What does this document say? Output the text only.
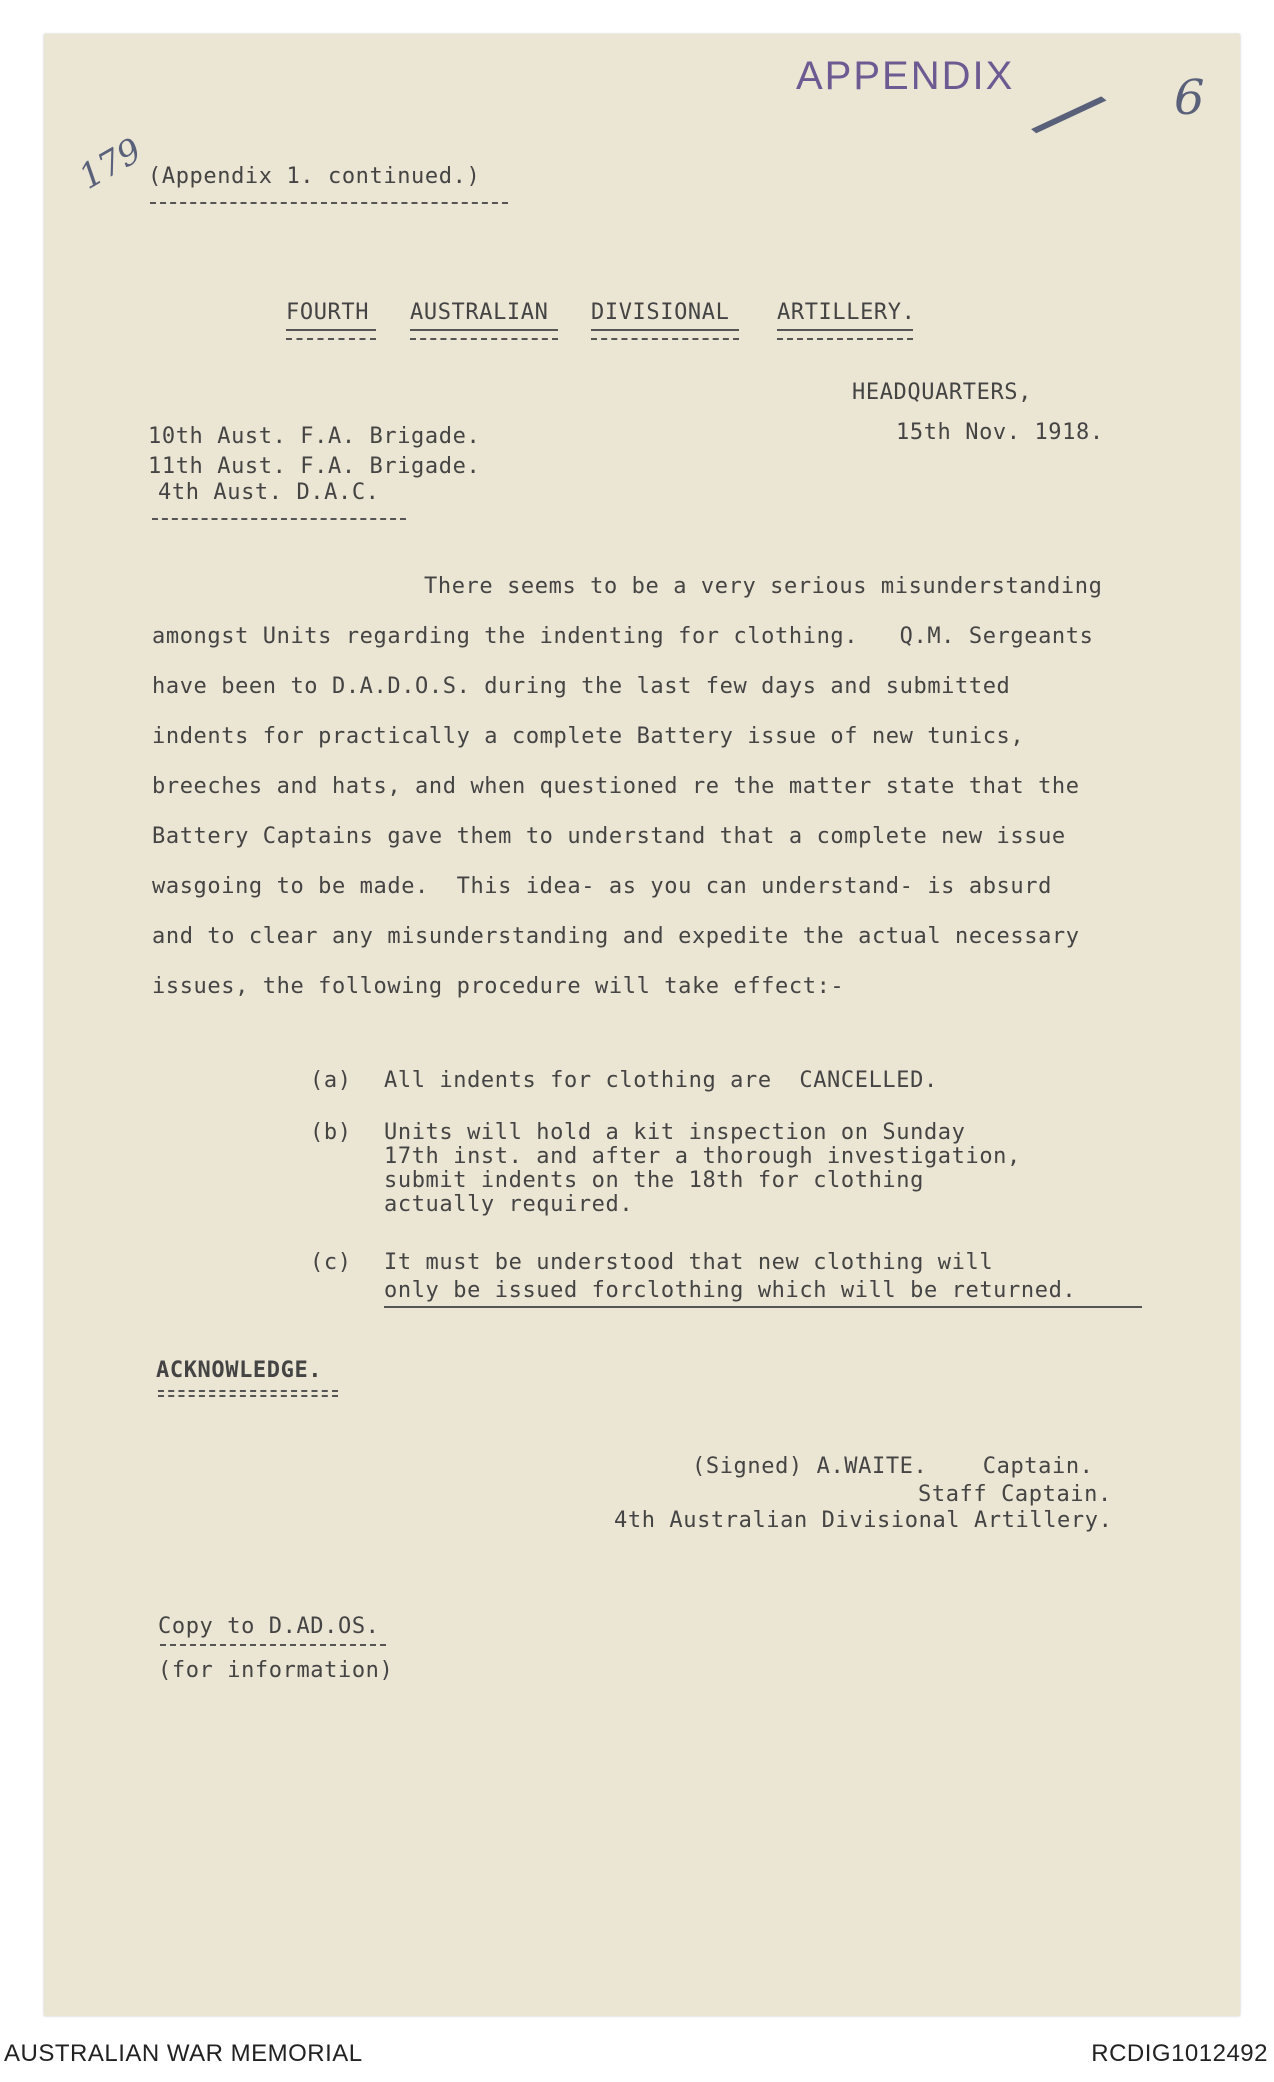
APPENDIX / 6
179 (Appendix 1. continued.)
FOURTH AUSTRALIAN DIVISIONAL ARTILLERY.
HEADQUARTERS,
15th Nov. 1918.
10th Aust. F.A. Brigade.
11th Aust. F.A. Brigade.
4th Aust. D.A.C.
There seems to be a very serious misunderstanding
amongst Units regarding the indenting for clothing.   Q.M. Sergeants
have been to D.A.D.O.S. during the last few days and submitted
indents for practically a complete Battery issue of new tunics,
breeches and hats, and when questioned re the matter state that the
Battery Captains gave them to understand that a complete new issue
wasgoing to be made.  This idea- as you can understand- is absurd
and to clear any misunderstanding and expedite the actual necessary
issues, the following procedure will take effect:-
(a) All indents for clothing are  CANCELLED.
(b) Units will hold a kit inspection on Sunday
17th inst. and after a thorough investigation,
submit indents on the 18th for clothing
actually required.
(c) It must be understood that new clothing will
only be issued forclothing which will be returned.
ACKNOWLEDGE.
(Signed) A.WAITE.    Captain.
Staff Captain.
4th Australian Divisional Artillery.
Copy to D.AD.OS.
(for information)
AUSTRALIAN WAR MEMORIAL	RCDIG1012492
